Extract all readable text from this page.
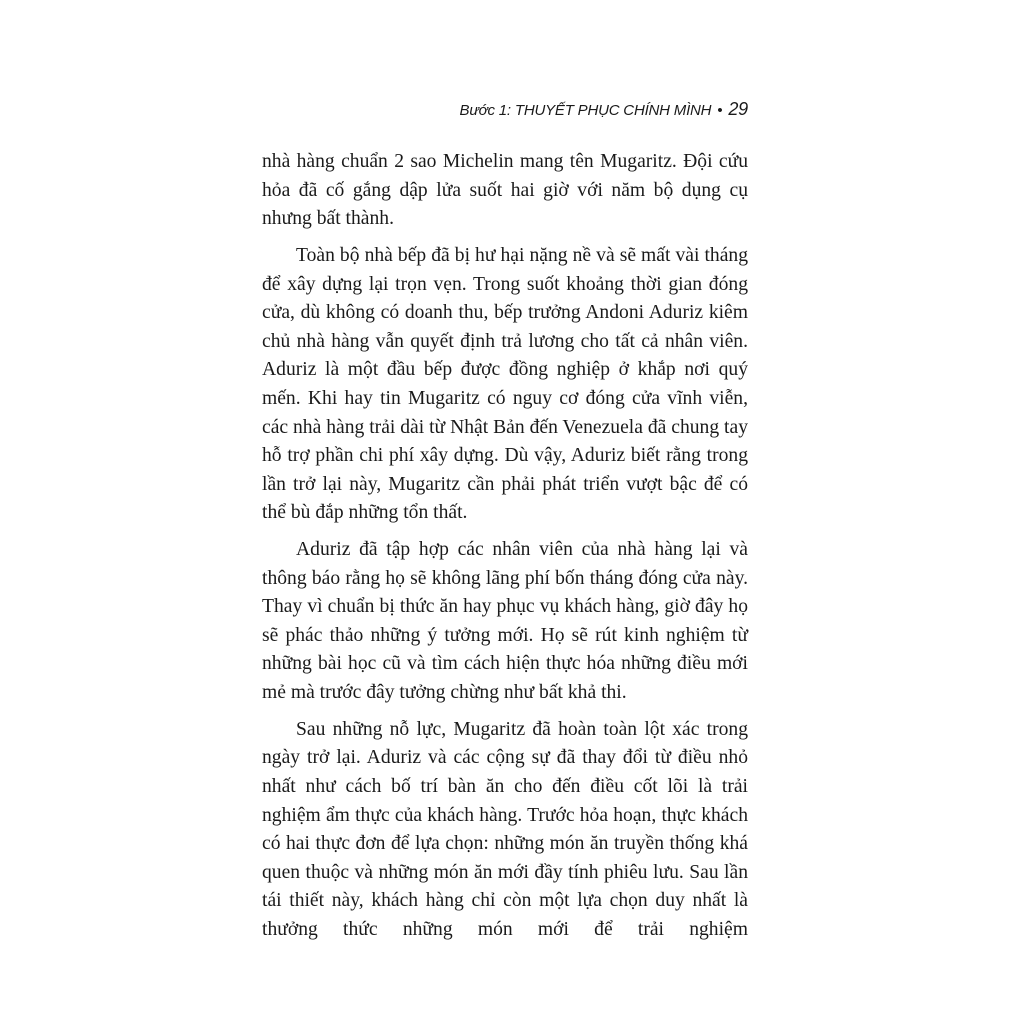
Bước 1: THUYẾT PHỤC CHÍNH MÌNH • 29

nhà hàng chuẩn 2 sao Michelin mang tên Mugaritz. Đội cứu hỏa đã cố gắng dập lửa suốt hai giờ với năm bộ dụng cụ nhưng bất thành.

Toàn bộ nhà bếp đã bị hư hại nặng nề và sẽ mất vài tháng để xây dựng lại trọn vẹn. Trong suốt khoảng thời gian đóng cửa, dù không có doanh thu, bếp trưởng Andoni Aduriz kiêm chủ nhà hàng vẫn quyết định trả lương cho tất cả nhân viên. Aduriz là một đầu bếp được đồng nghiệp ở khắp nơi quý mến. Khi hay tin Mugaritz có nguy cơ đóng cửa vĩnh viễn, các nhà hàng trải dài từ Nhật Bản đến Venezuela đã chung tay hỗ trợ phần chi phí xây dựng. Dù vậy, Aduriz biết rằng trong lần trở lại này, Mugaritz cần phải phát triển vượt bậc để có thể bù đắp những tổn thất.

Aduriz đã tập hợp các nhân viên của nhà hàng lại và thông báo rằng họ sẽ không lãng phí bốn tháng đóng cửa này. Thay vì chuẩn bị thức ăn hay phục vụ khách hàng, giờ đây họ sẽ phác thảo những ý tưởng mới. Họ sẽ rút kinh nghiệm từ những bài học cũ và tìm cách hiện thực hóa những điều mới mẻ mà trước đây tưởng chừng như bất khả thi.

Sau những nỗ lực, Mugaritz đã hoàn toàn lột xác trong ngày trở lại. Aduriz và các cộng sự đã thay đổi từ điều nhỏ nhất như cách bố trí bàn ăn cho đến điều cốt lõi là trải nghiệm ẩm thực của khách hàng. Trước hỏa hoạn, thực khách có hai thực đơn để lựa chọn: những món ăn truyền thống khá quen thuộc và những món ăn mới đầy tính phiêu lưu. Sau lần tái thiết này, khách hàng chỉ còn một lựa chọn duy nhất là thưởng thức những món mới để trải nghiệm
